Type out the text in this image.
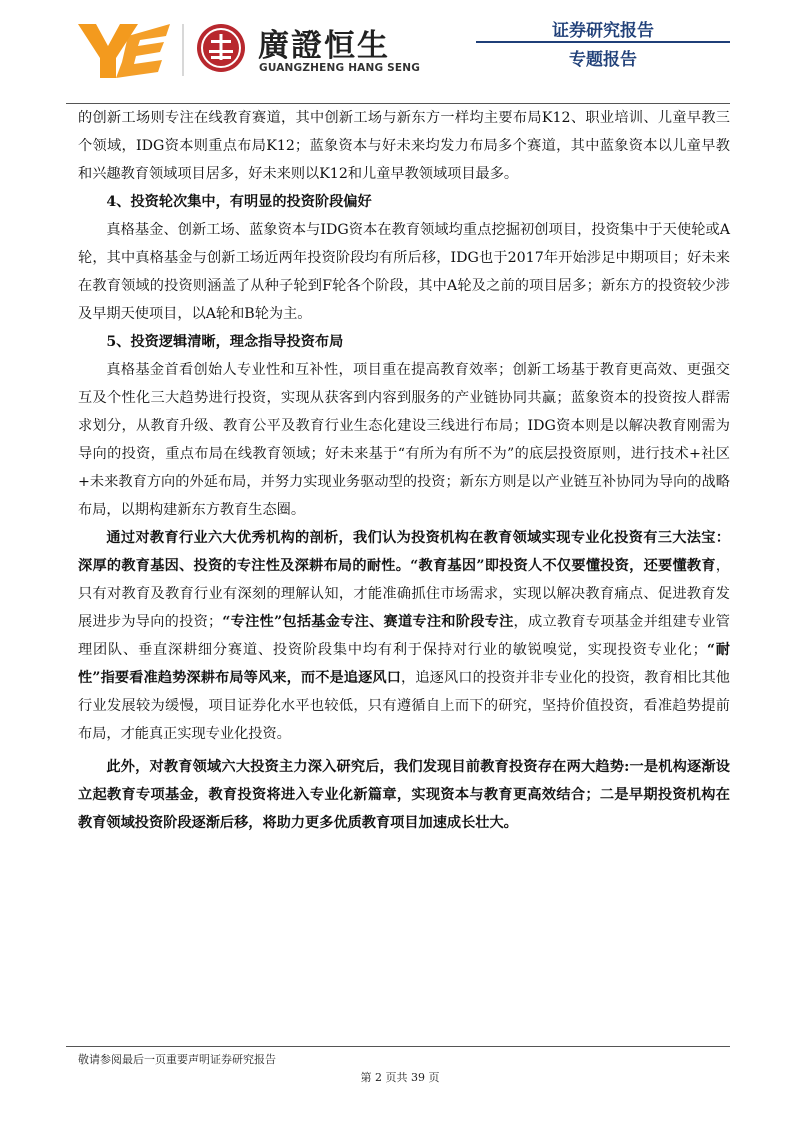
廣證恒生
GUANGZHENG HANG SENG
证券研究报告
专题报告

的创新工场则专注在线教育赛道，其中创新工场与新东方一样均主要布局K12、职业培训、儿童早教三个领域，IDG资本则重点布局K12；蓝象资本与好未来均发力布局多个赛道，其中蓝象资本以儿童早教和兴趣教育领域项目居多，好未来则以K12和儿童早教领域项目最多。

4、投资轮次集中，有明显的投资阶段偏好

真格基金、创新工场、蓝象资本与IDG资本在教育领域均重点挖掘初创项目，投资集中于天使轮或A轮，其中真格基金与创新工场近两年投资阶段均有所后移，IDG也于2017年开始涉足中期项目；好未来在教育领域的投资则涵盖了从种子轮到F轮各个阶段，其中A轮及之前的项目居多；新东方的投资较少涉及早期天使项目，以A轮和B轮为主。

5、投资逻辑清晰，理念指导投资布局

真格基金首看创始人专业性和互补性，项目重在提高教育效率；创新工场基于教育更高效、更强交互及个性化三大趋势进行投资，实现从获客到内容到服务的产业链协同共赢；蓝象资本的投资按人群需求划分，从教育升级、教育公平及教育行业生态化建设三线进行布局；IDG资本则是以解决教育刚需为导向的投资，重点布局在线教育领域；好未来基于“有所为有所不为”的底层投资原则，进行技术+社区+未来教育方向的外延布局，并努力实现业务驱动型的投资；新东方则是以产业链互补协同为导向的战略布局，以期构建新东方教育生态圈。

通过对教育行业六大优秀机构的剖析，我们认为投资机构在教育领域实现专业化投资有三大法宝：深厚的教育基因、投资的专注性及深耕布局的耐性。“教育基因”即投资人不仅要懂投资，还要懂教育，只有对教育及教育行业有深刻的理解认知，才能准确抓住市场需求，实现以解决教育痛点、促进教育发展进步为导向的投资；“专注性”包括基金专注、赛道专注和阶段专注，成立教育专项基金并组建专业管理团队、垂直深耕细分赛道、投资阶段集中均有利于保持对行业的敏锐嗅觉，实现投资专业化；“耐性”指要看准趋势深耕布局等风来，而不是追逐风口，追逐风口的投资并非专业化的投资，教育相比其他行业发展较为缓慢，项目证券化水平也较低，只有遵循自上而下的研究，坚持价值投资，看准趋势提前布局，才能真正实现专业化投资。

此外，对教育领域六大投资主力深入研究后，我们发现目前教育投资存在两大趋势:一是机构逐渐设立起教育专项基金，教育投资将进入专业化新篇章，实现资本与教育更高效结合；二是早期投资机构在教育领域投资阶段逐渐后移，将助力更多优质教育项目加速成长壮大。

敬请参阅最后一页重要声明证券研究报告
第 2 页共 39 页
